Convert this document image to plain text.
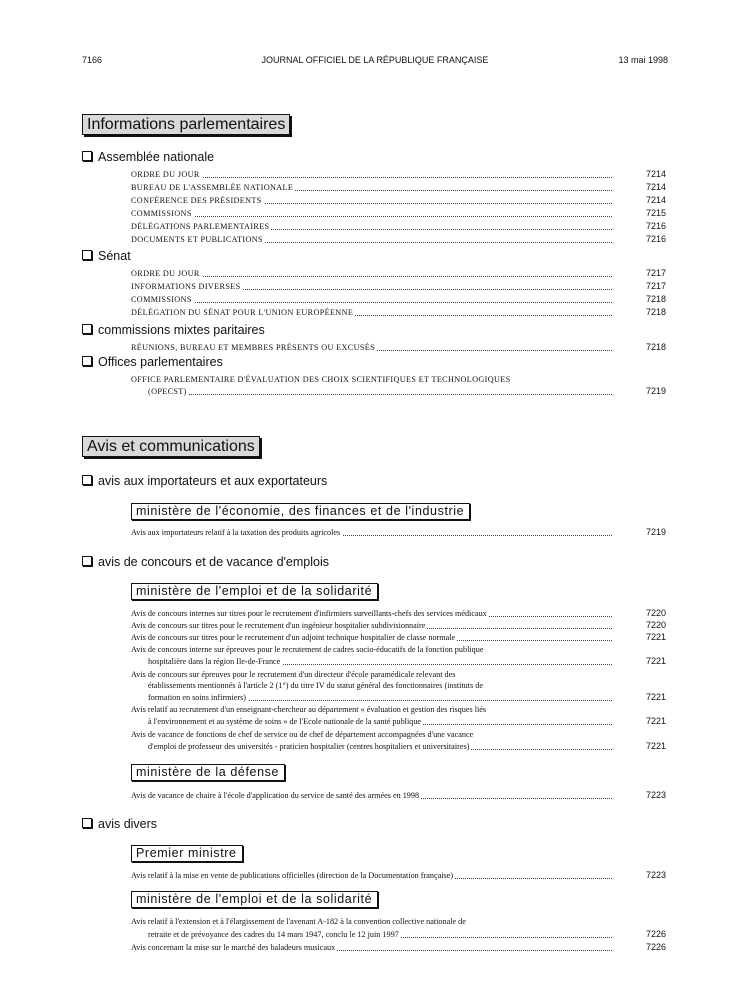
7166	JOURNAL OFFICIEL DE LA RÉPUBLIQUE FRANÇAISE	13 mai 1998
Informations parlementaires
Assemblée nationale
ORDRE DU JOUR	7214
BUREAU DE L'ASSEMBLÉE NATIONALE	7214
CONFÉRENCE DES PRÉSIDENTS	7214
COMMISSIONS	7215
DÉLÉGATIONS PARLEMENTAIRES	7216
DOCUMENTS ET PUBLICATIONS	7216
Sénat
ORDRE DU JOUR	7217
INFORMATIONS DIVERSES	7217
COMMISSIONS	7218
DÉLÉGATION DU SÉNAT POUR L'UNION EUROPÉENNE	7218
commissions mixtes paritaires
RÉUNIONS, BUREAU ET MEMBRES PRÉSENTS OU EXCUSÉS	7218
Offices parlementaires
OFFICE PARLEMENTAIRE D'ÉVALUATION DES CHOIX SCIENTIFIQUES ET TECHNOLOGIQUES
(OPECST)	7219
Avis et communications
avis aux importateurs et aux exportateurs
ministère de l'économie, des finances et de l'industrie
Avis aux importateurs relatif à la taxation des produits agricoles	7219
avis de concours et de vacance d'emplois
ministère de l'emploi et de la solidarité
Avis de concours internes sur titres pour le recrutement d'infirmiers surveillants-chefs des services médicaux	7220
Avis de concours sur titres pour le recrutement d'un ingénieur hospitalier subdivisionnaire	7220
Avis de concours sur titres pour le recrutement d'un adjoint technique hospitalier de classe normale	7221
Avis de concours interne sur épreuves pour le recrutement de cadres socio-éducatifs de la fonction publique
hospitalière dans la région Ile-de-France	7221
Avis de concours sur épreuves pour le recrutement d'un directeur d'école paramédicale relevant des
établissements mentionnés à l'article 2 (1°) du titre IV du statut général des fonctionnaires (instituts de
formation en soins infirmiers)	7221
Avis relatif au recrutement d'un enseignant-chercheur au département « évaluation et gestion des risques liés
à l'environnement et au système de soins » de l'Ecole nationale de la santé publique	7221
Avis de vacance de fonctions de chef de service ou de chef de département accompagnées d'une vacance
d'emploi de professeur des universités - praticien hospitalier (centres hospitaliers et universitaires)	7221
ministère de la défense
Avis de vacance de chaire à l'école d'application du service de santé des armées en 1998	7223
avis divers
Premier ministre
Avis relatif à la mise en vente de publications officielles (direction de la Documentation française)	7223
ministère de l'emploi et de la solidarité
Avis relatif à l'extension et à l'élargissement de l'avenant A-182 à la convention collective nationale de
retraite et de prévoyance des cadres du 14 mars 1947, conclu le 12 juin 1997	7226
Avis concernant la mise sur le marché des baladeurs musicaux	7226
